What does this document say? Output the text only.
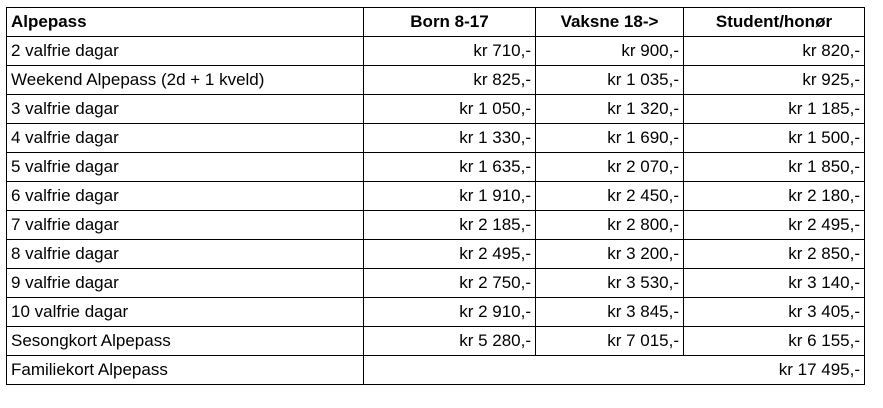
Alpepass	Born 8-17	Vaksne 18->	Student/honør
2 valfrie dagar	kr 710,-	kr 900,-	kr 820,-
Weekend Alpepass (2d + 1 kveld)	kr 825,-	kr 1 035,-	kr 925,-
3 valfrie dagar	kr 1 050,-	kr 1 320,-	kr 1 185,-
4 valfrie dagar	kr 1 330,-	kr 1 690,-	kr 1 500,-
5 valfrie dagar	kr 1 635,-	kr 2 070,-	kr 1 850,-
6 valfrie dagar	kr 1 910,-	kr 2 450,-	kr 2 180,-
7 valfrie dagar	kr 2 185,-	kr 2 800,-	kr 2 495,-
8 valfrie dagar	kr 2 495,-	kr 3 200,-	kr 2 850,-
9 valfrie dagar	kr 2 750,-	kr 3 530,-	kr 3 140,-
10 valfrie dagar	kr 2 910,-	kr 3 845,-	kr 3 405,-
Sesongkort Alpepass	kr 5 280,-	kr 7 015,-	kr 6 155,-
Familiekort Alpepass	kr 17 495,-		
